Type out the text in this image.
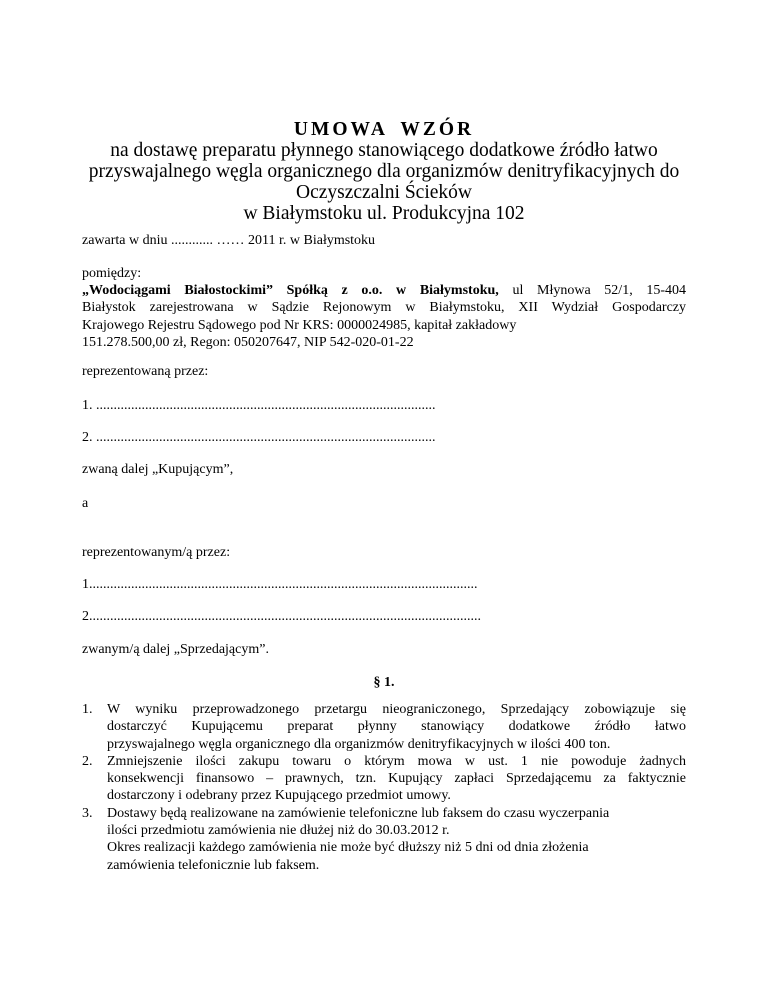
UMOWA WZÓR
na dostawę preparatu płynnego stanowiącego dodatkowe źródło łatwo
przyswajalnego węgla organicznego dla organizmów denitryfikacyjnych do
Oczyszczalni Ścieków
w Białymstoku ul. Produkcyjna 102
zawarta w dniu ............ …… 2011 r. w Białymstoku
pomiędzy:
„Wodociągami Białostockimi” Spółką z o.o. w Białymstoku, ul Młynowa 52/1, 15-404
Białystok zarejestrowana w Sądzie Rejonowym w Białymstoku, XII Wydział Gospodarczy
Krajowego Rejestru Sądowego pod Nr KRS: 0000024985, kapitał zakładowy
151.278.500,00 zł, Regon: 050207647, NIP 542-020-01-22
reprezentowaną przez:
1. .................................................................................................
2. .................................................................................................
zwaną dalej „Kupującym”,
a
reprezentowanym/ą przez:
1...............................................................................................................
2................................................................................................................
zwanym/ą dalej „Sprzedającym”.
§ 1.
1. W wyniku przeprowadzonego przetargu nieograniczonego, Sprzedający zobowiązuje się
dostarczyć Kupującemu preparat płynny stanowiący dodatkowe źródło łatwo
przyswajalnego węgla organicznego dla organizmów denitryfikacyjnych w ilości 400 ton.
2. Zmniejszenie ilości zakupu towaru o którym mowa w ust. 1 nie powoduje żadnych
konsekwencji finansowo – prawnych, tzn. Kupujący zapłaci Sprzedającemu za faktycznie
dostarczony i odebrany przez Kupującego przedmiot umowy.
3. Dostawy będą realizowane na zamówienie telefoniczne lub faksem do czasu wyczerpania
ilości przedmiotu zamówienia nie dłużej niż do 30.03.2012 r.
Okres realizacji każdego zamówienia nie może być dłuższy niż 5 dni od dnia złożenia
zamówienia telefonicznie lub faksem.
